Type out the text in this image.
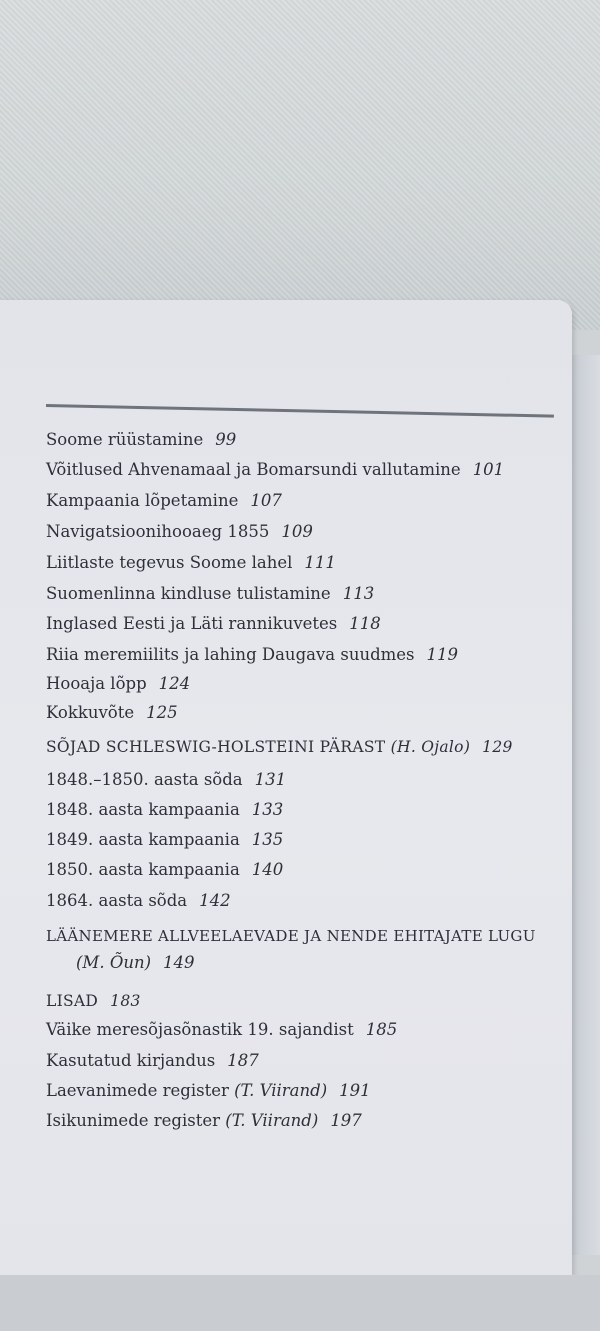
Soome rüüstamine 99
Võitlused Ahvenamaal ja Bomarsundi vallutamine 101
Kampaania lõpetamine 107
Navigatsioonihooaeg 1855 109
Liitlaste tegevus Soome lahel 111
Suomenlinna kindluse tulistamine 113
Inglased Eesti ja Läti rannikuvetes 118
Riia meremiilits ja lahing Daugava suudmes 119
Hooaja lõpp 124
Kokkuvõte 125
SÕJAD SCHLESWIG-HOLSTEINI PÄRAST (H. Ojalo) 129
1848.–1850. aasta sõda 131
1848. aasta kampaania 133
1849. aasta kampaania 135
1850. aasta kampaania 140
1864. aasta sõda 142
LÄÄNEMERE ALLVEELAEVADE JA NENDE EHITAJATE LUGU
(M. Õun) 149
LISAD 183
Väike meresõjasõnastik 19. sajandist 185
Kasutatud kirjandus 187
Laevanimede register (T. Viirand) 191
Isikunimede register (T. Viirand) 197
